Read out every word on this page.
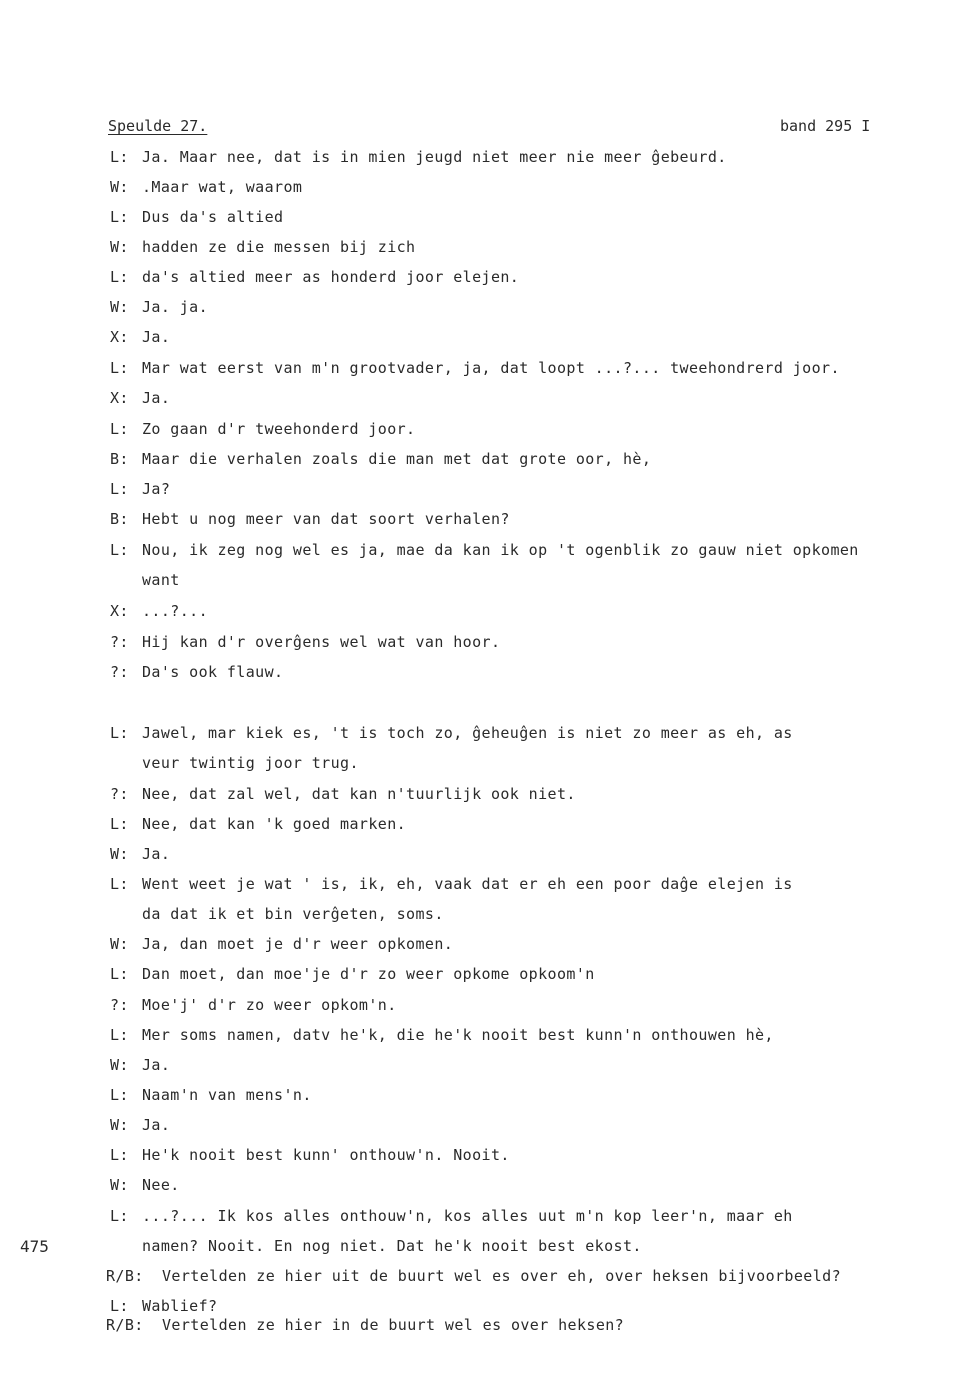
Speulde 27.	band 295 I
475
L: Ja. Maar nee, dat is in mien jeugd niet meer nie meer ĝebeurd.
W: .Maar wat, waarom
L: Dus da's altied
W: hadden ze die messen bij zich
L: da's altied meer as honderd joor elejen.
W: Ja. ja.
X: Ja.
L: Mar wat eerst van m'n grootvader, ja, dat loopt ...?... tweehondrerd joor.
X: Ja.
L: Zo gaan d'r tweehonderd joor.
B: Maar die verhalen zoals die man met dat grote oor, hè,
L: Ja?
B: Hebt u nog meer van dat soort verhalen?
L: Nou, ik zeg nog wel es ja, mae da kan ik op 't ogenblik zo gauw niet opkomen
want
X: ...?...
?: Hij kan d'r overĝens wel wat van hoor.
?: Da's ook flauw.
L: Jawel, mar kiek es, 't is toch zo, ĝeheuĝen is niet zo meer as eh, as
veur twintig joor trug.
?: Nee, dat zal wel, dat kan n'tuurlijk ook niet.
L: Nee, dat kan 'k goed marken.
W: Ja.
L: Went weet je wat ' is, ik, eh, vaak dat er eh een poor daĝe elejen is
da dat ik et bin verĝeten, soms.
W: Ja, dan moet je d'r weer opkomen.
L: Dan moet, dan moe'je d'r zo weer opkome opkoom'n
?: Moe'j' d'r zo weer opkom'n.
L: Mer soms namen, datv he'k, die he'k nooit best kunn'n onthouwen hè,
W: Ja.
L: Naam'n van mens'n.
W: Ja.
L: He'k nooit best kunn' onthouw'n. Nooit.
W: Nee.
L: ...?... Ik kos alles onthouw'n, kos alles uut m'n kop leer'n, maar eh
namen? Nooit. En nog niet. Dat he'k nooit best ekost.
R/B: Vertelden ze hier uit de buurt wel es over eh, over heksen bijvoorbeeld?
L: Wablief?
R/B: Vertelden ze hier in de buurt wel es over heksen?
